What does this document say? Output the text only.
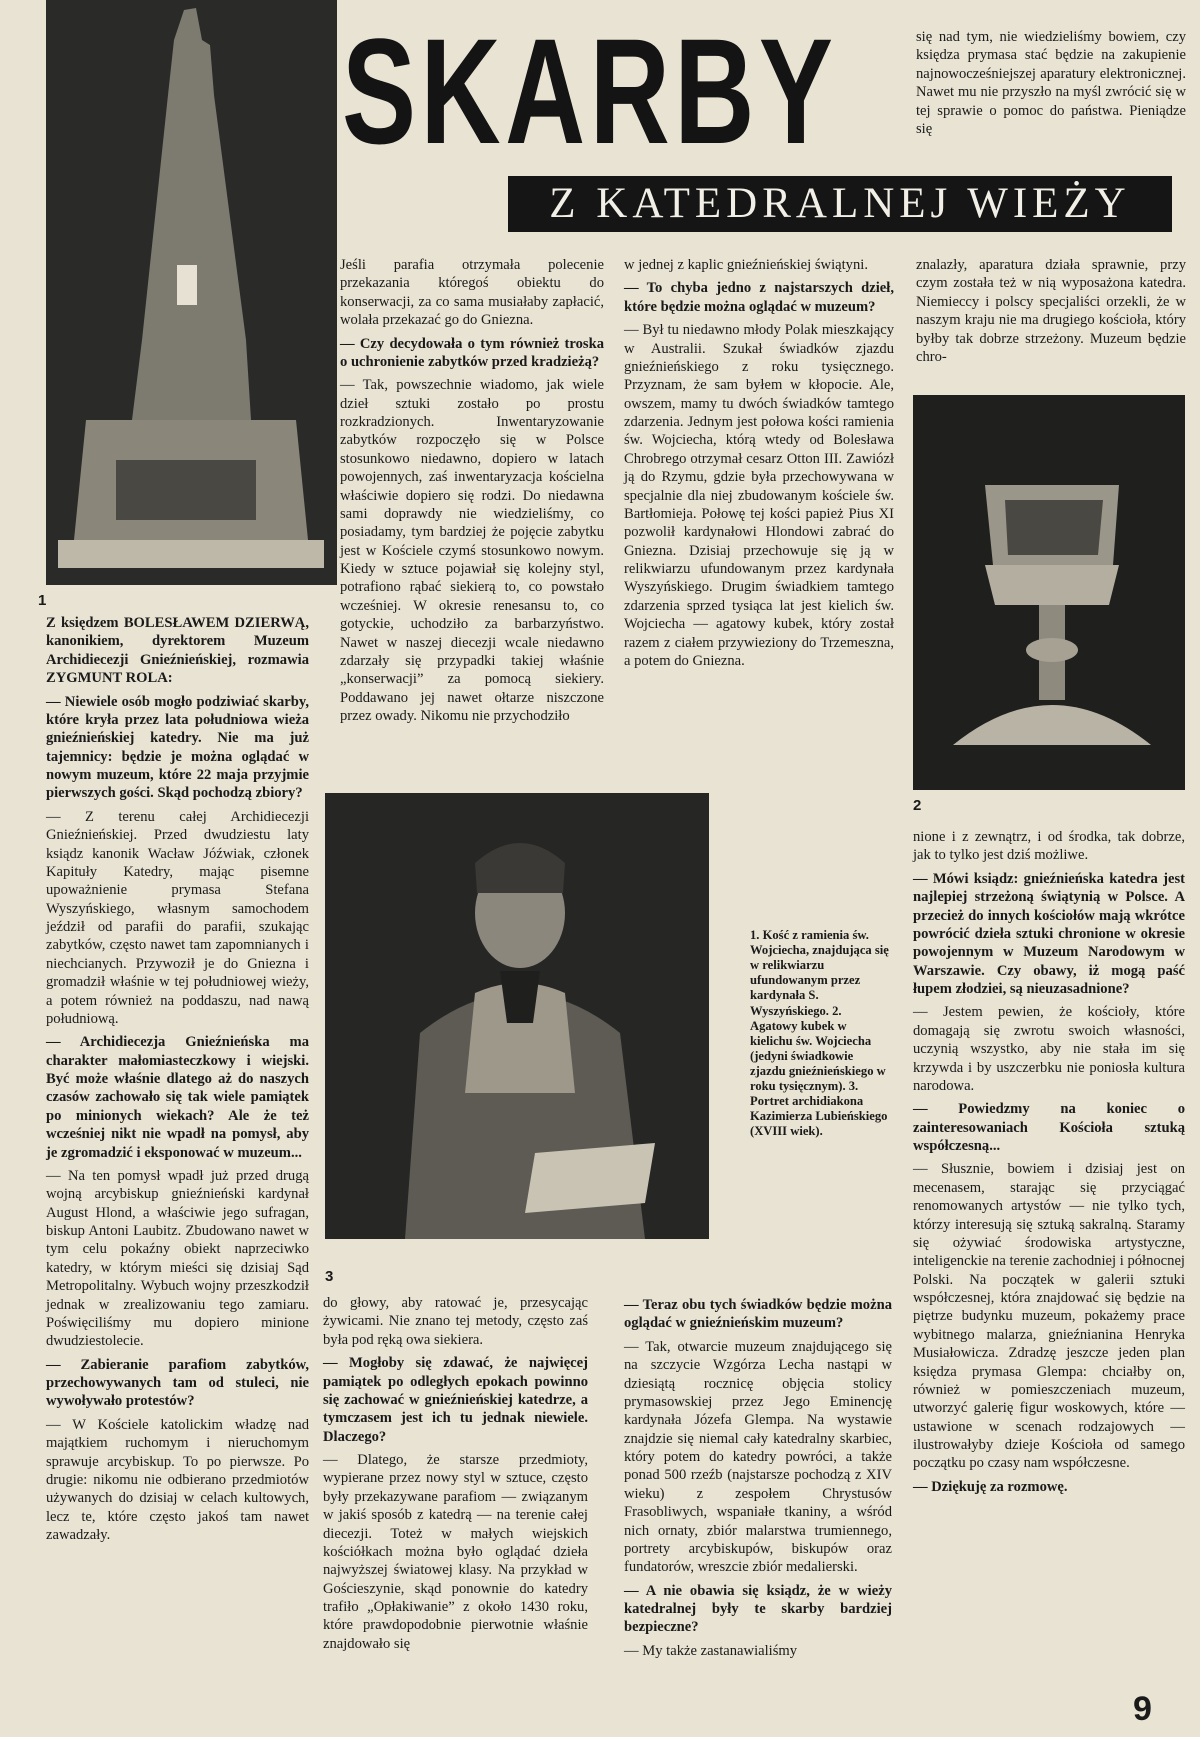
1
SKARBY
Z KATEDRALNEJ WIEŻY

się nad tym, nie wiedzieliśmy bowiem, czy księdza prymasa stać będzie na zakupienie najnowocześniejszej aparatury elektronicznej. Nawet mu nie przyszło na myśl zwrócić się w tej sprawie o pomoc do państwa. Pieniądze się

Z księdzem BOLESŁAWEM DZIERWĄ, kanonikiem, dyrektorem Muzeum Archidiecezji Gnieźnieńskiej, rozmawia ZYGMUNT ROLA:

— Niewiele osób mogło podziwiać skarby, które kryła przez lata południowa wieża gnieźnieńskiej katedry. Nie ma już tajemnicy: będzie je można oglądać w nowym muzeum, które 22 maja przyjmie pierwszych gości. Skąd pochodzą zbiory?

— Z terenu całej Archidiecezji Gnieźnieńskiej. Przed dwudziestu laty ksiądz kanonik Wacław Jóźwiak, członek Kapituły Katedry, mając pisemne upoważnienie prymasa Stefana Wyszyńskiego, własnym samochodem jeździł od parafii do parafii, szukając zabytków, często nawet tam zapomnianych i niechcianych. Przywoził je do Gniezna i gromadził właśnie w tej południowej wieży, a potem również na poddaszu, nad nawą południową.

— Archidiecezja Gnieźnieńska ma charakter małomiasteczkowy i wiejski. Być może właśnie dlatego aż do naszych czasów zachowało się tak wiele pamiątek po minionych wiekach? Ale że też wcześniej nikt nie wpadł na pomysł, aby je zgromadzić i eksponować w muzeum...

— Na ten pomysł wpadł już przed drugą wojną arcybiskup gnieźnieński kardynał August Hlond, a właściwie jego sufragan, biskup Antoni Laubitz. Zbudowano nawet w tym celu pokaźny obiekt naprzeciwko katedry, w którym mieści się dzisiaj Sąd Metropolitalny. Wybuch wojny przeszkodził jednak w zrealizowaniu tego zamiaru. Poświęciliśmy mu dopiero minione dwudziestolecie.

— Zabieranie parafiom zabytków, przechowywanych tam od stuleci, nie wywoływało protestów?

— W Kościele katolickim władzę nad majątkiem ruchomym i nieruchomym sprawuje arcybiskup. To po pierwsze. Po drugie: nikomu nie odbierano przedmiotów używanych do dzisiaj w celach kultowych, lecz te, które często jakoś tam nawet zawadzały.

Jeśli parafia otrzymała polecenie przekazania któregoś obiektu do konserwacji, za co sama musiałaby zapłacić, wolała przekazać go do Gniezna.

— Czy decydowała o tym również troska o uchronienie zabytków przed kradzieżą?

— Tak, powszechnie wiadomo, jak wiele dzieł sztuki zostało po prostu rozkradzionych. Inwentaryzowanie zabytków rozpoczęło się w Polsce stosunkowo niedawno, dopiero w latach powojennych, zaś inwentaryzacja kościelna właściwie dopiero się rodzi. Do niedawna sami doprawdy nie wiedzieliśmy, co posiadamy, tym bardziej że pojęcie zabytku jest w Kościele czymś stosunkowo nowym. Kiedy w sztuce pojawiał się kolejny styl, potrafiono rąbać siekierą to, co powstało wcześniej. W okresie renesansu to, co gotyckie, uchodziło za barbarzyństwo. Nawet w naszej diecezji wcale niedawno zdarzały się przypadki takiej właśnie „konserwacji” za pomocą siekiery. Poddawano jej nawet ołtarze niszczone przez owady. Nikomu nie przychodziło

w jednej z kaplic gnieźnieńskiej świątyni.

— To chyba jedno z najstarszych dzieł, które będzie można oglądać w muzeum?

— Był tu niedawno młody Polak mieszkający w Australii. Szukał świadków zjazdu gnieźnieńskiego z roku tysięcznego. Przyznam, że sam byłem w kłopocie. Ale, owszem, mamy tu dwóch świadków tamtego zdarzenia. Jednym jest połowa kości ramienia św. Wojciecha, którą wtedy od Bolesława Chrobrego otrzymał cesarz Otton III. Zawiózł ją do Rzymu, gdzie była przechowywana w specjalnie dla niej zbudowanym kościele św. Bartłomieja. Połowę tej kości papież Pius XI pozwolił kardynałowi Hlondowi zabrać do Gniezna. Dzisiaj przechowuje się ją w relikwiarzu ufundowanym przez kardynała Wyszyńskiego. Drugim świadkiem tamtego zdarzenia sprzed tysiąca lat jest kielich św. Wojciecha — agatowy kubek, który został razem z ciałem przywieziony do Trzemeszna, a potem do Gniezna.

znalazły, aparatura działa sprawnie, przy czym została też w nią wyposażona katedra. Niemieccy i polscy specjaliści orzekli, że w naszym kraju nie ma drugiego kościoła, który byłby tak dobrze strzeżony. Muzeum będzie chro-

2
3
1. Kość z ramienia św. Wojciecha, znajdująca się w relikwiarzu ufundowanym przez kardynała S. Wyszyńskiego. 2. Agatowy kubek w kielichu św. Wojciecha (jedyni świadkowie zjazdu gnieźnieńskiego w roku tysięcznym). 3. Portret archidiakona Kazimierza Lubieńskiego (XVIII wiek).

do głowy, aby ratować je, przesycając żywicami. Nie znano tej metody, często zaś była pod ręką owa siekiera.

— Mogłoby się zdawać, że najwięcej pamiątek po odległych epokach powinno się zachować w gnieźnieńskiej katedrze, a tymczasem jest ich tu jednak niewiele. Dlaczego?

— Dlatego, że starsze przedmioty, wypierane przez nowy styl w sztuce, często były przekazywane parafiom — związanym w jakiś sposób z katedrą — na terenie całej diecezji. Toteż w małych wiejskich kościółkach można było oglądać dzieła najwyższej światowej klasy. Na przykład w Gościeszynie, skąd ponownie do katedry trafiło „Opłakiwanie” z około 1430 roku, które prawdopodobnie pierwotnie właśnie znajdowało się

— Teraz obu tych świadków będzie można oglądać w gnieźnieńskim muzeum?

— Tak, otwarcie muzeum znajdującego się na szczycie Wzgórza Lecha nastąpi w dziesiątą rocznicę objęcia stolicy prymasowskiej przez Jego Eminencję kardynała Józefa Glempa. Na wystawie znajdzie się niemal cały katedralny skarbiec, który potem do katedry powróci, a także ponad 500 rzeźb (najstarsze pochodzą z XIV wieku) z zespołem Chrystusów Frasobliwych, wspaniałe tkaniny, a wśród nich ornaty, zbiór malarstwa trumiennego, portrety arcybiskupów, biskupów oraz fundatorów, wreszcie zbiór medalierski.

— A nie obawia się ksiądz, że w wieży katedralnej były te skarby bardziej bezpieczne?

— My także zastanawialiśmy

nione i z zewnątrz, i od środka, tak dobrze, jak to tylko jest dziś możliwe.

— Mówi ksiądz: gnieźnieńska katedra jest najlepiej strzeżoną świątynią w Polsce. A przecież do innych kościołów mają wkrótce powrócić dzieła sztuki chronione w okresie powojennym w Muzeum Narodowym w Warszawie. Czy obawy, iż mogą paść łupem złodziei, są nieuzasadnione?

— Jestem pewien, że kościoły, które domagają się zwrotu swoich własności, uczynią wszystko, aby nie stała im się krzywda i by uszczerbku nie poniosła kultura narodowa.

— Powiedzmy na koniec o zainteresowaniach Kościoła sztuką współczesną...

— Słusznie, bowiem i dzisiaj jest on mecenasem, starając się przyciągać renomowanych artystów — nie tylko tych, którzy interesują się sztuką sakralną. Staramy się ożywiać środowiska artystyczne, inteligenckie na terenie zachodniej i północnej Polski. Na początek w galerii sztuki współczesnej, która znajdować się będzie na piętrze budynku muzeum, pokażemy prace wybitnego malarza, gnieźnianina Henryka Musiałowicza. Zdradzę jeszcze jeden plan księdza prymasa Glempa: chciałby on, również w pomieszczeniach muzeum, utworzyć galerię figur woskowych, które — ustawione w scenach rodzajowych — ilustrowałyby dzieje Kościoła od samego początku po czasy nam współczesne.

— Dziękuję za rozmowę.

9
